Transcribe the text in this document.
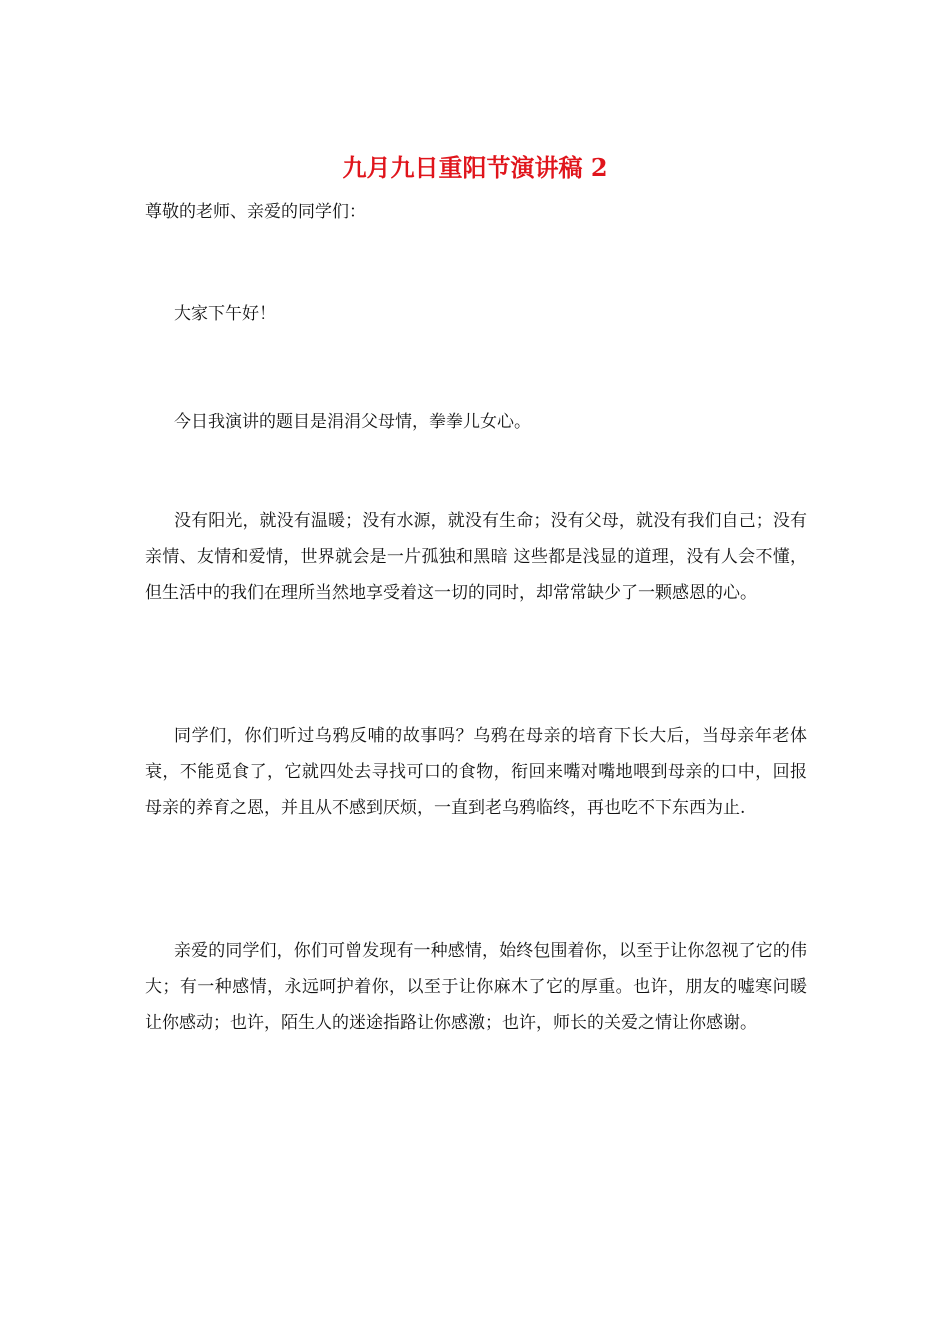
九月九日重阳节演讲稿 2

尊敬的老师、亲爱的同学们：

大家下午好！

今日我演讲的题目是涓涓父母情，拳拳儿女心。

没有阳光，就没有温暖；没有水源，就没有生命；没有父母，就没有我们自己；没有亲情、友情和爱情，世界就会是一片孤独和黑暗 这些都是浅显的道理，没有人会不懂，但生活中的我们在理所当然地享受着这一切的同时，却常常缺少了一颗感恩的心。

同学们，你们听过乌鸦反哺的故事吗？乌鸦在母亲的培育下长大后，当母亲年老体衰，不能觅食了，它就四处去寻找可口的食物，衔回来嘴对嘴地喂到母亲的口中，回报母亲的养育之恩，并且从不感到厌烦，一直到老乌鸦临终，再也吃不下东西为止.

亲爱的同学们，你们可曾发现有一种感情，始终包围着你，以至于让你忽视了它的伟大；有一种感情，永远呵护着你，以至于让你麻木了它的厚重。也许，朋友的嘘寒问暖让你感动；也许，陌生人的迷途指路让你感激；也许，师长的关爱之情让你感谢。
